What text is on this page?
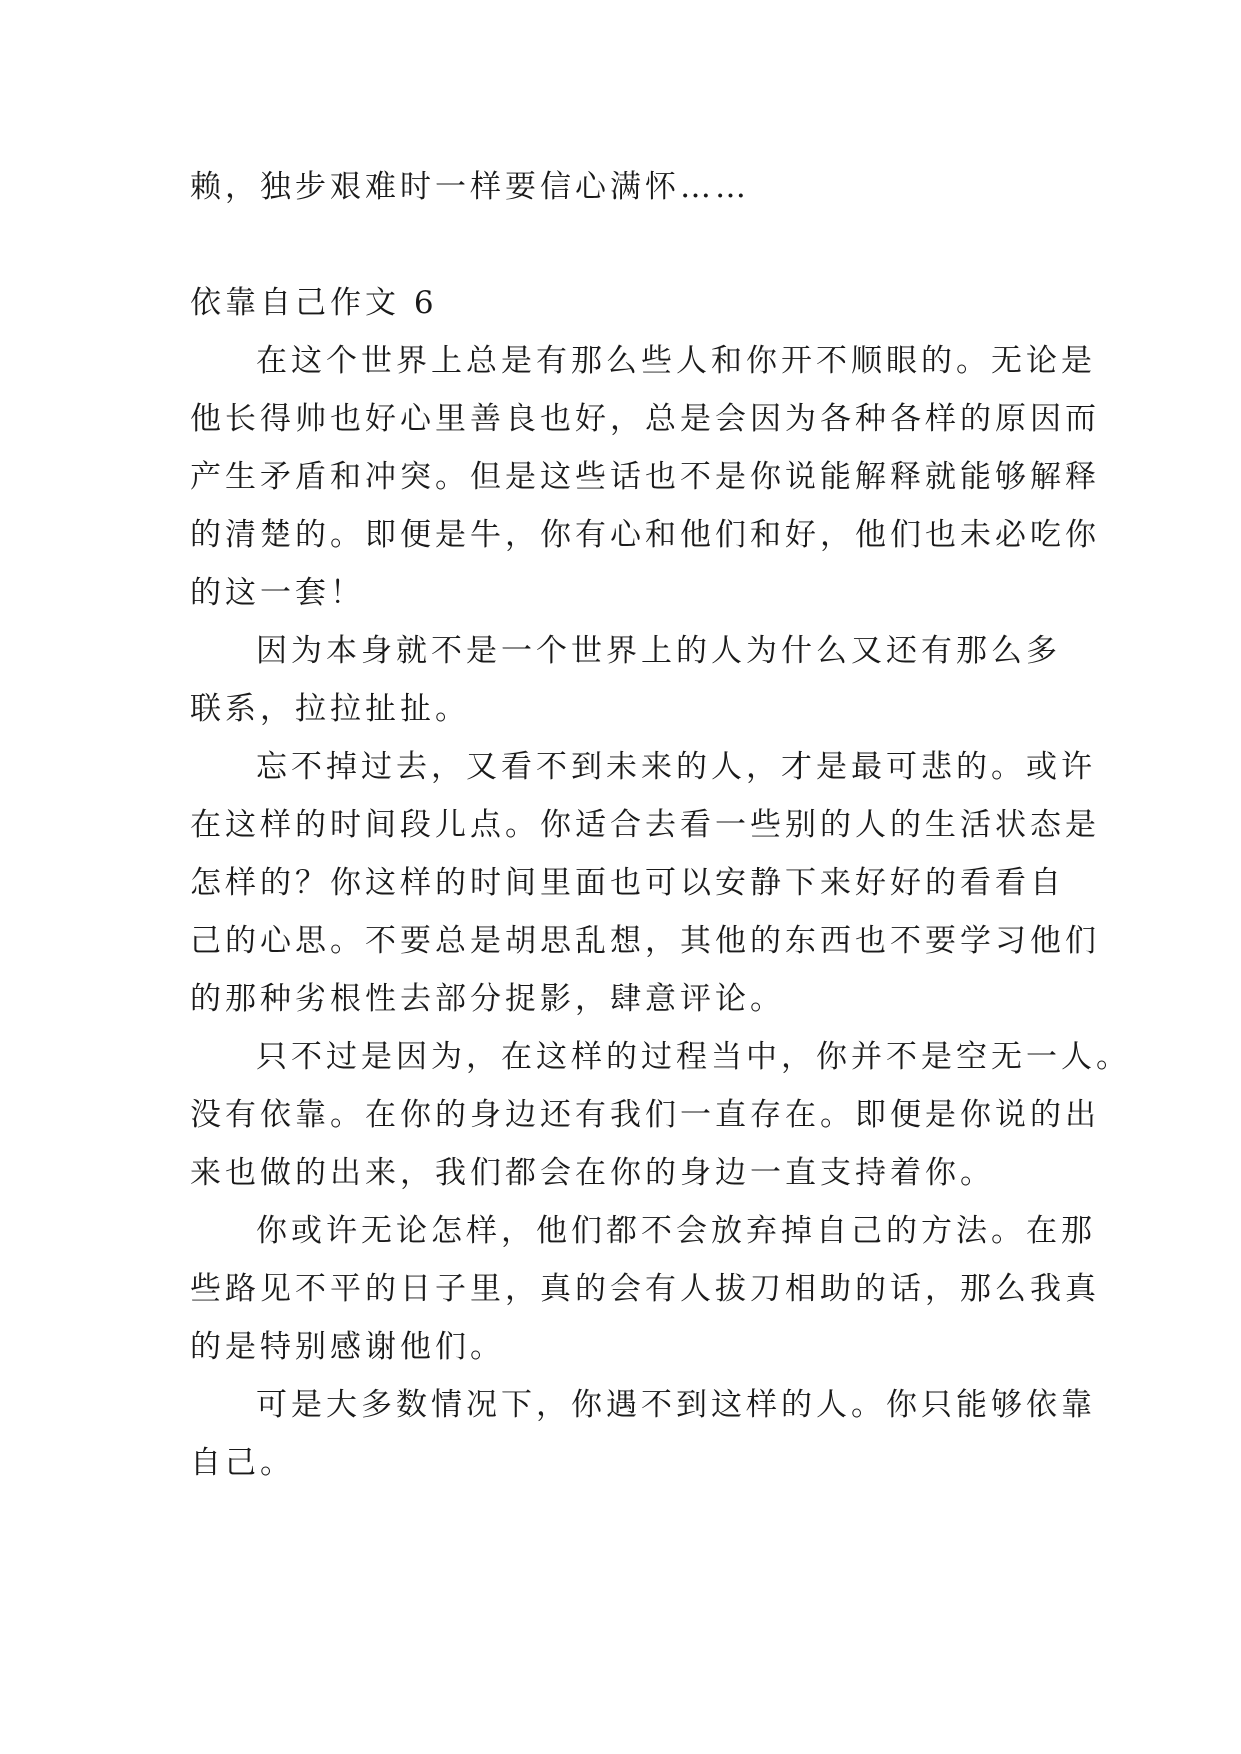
赖，独步艰难时一样要信心满怀……
依靠自己作文 6
在这个世界上总是有那么些人和你开不顺眼的。无论是
他长得帅也好心里善良也好，总是会因为各种各样的原因而
产生矛盾和冲突。但是这些话也不是你说能解释就能够解释
的清楚的。即便是牛，你有心和他们和好，他们也未必吃你
的这一套！
因为本身就不是一个世界上的人为什么又还有那么多
联系，拉拉扯扯。
忘不掉过去，又看不到未来的人，才是最可悲的。或许
在这样的时间段儿点。你适合去看一些别的人的生活状态是
怎样的？你这样的时间里面也可以安静下来好好的看看自
己的心思。不要总是胡思乱想，其他的东西也不要学习他们
的那种劣根性去部分捉影，肆意评论。
只不过是因为，在这样的过程当中，你并不是空无一人。
没有依靠。在你的身边还有我们一直存在。即便是你说的出
来也做的出来，我们都会在你的身边一直支持着你。
你或许无论怎样，他们都不会放弃掉自己的方法。在那
些路见不平的日子里，真的会有人拔刀相助的话，那么我真
的是特别感谢他们。
可是大多数情况下，你遇不到这样的人。你只能够依靠
自己。
